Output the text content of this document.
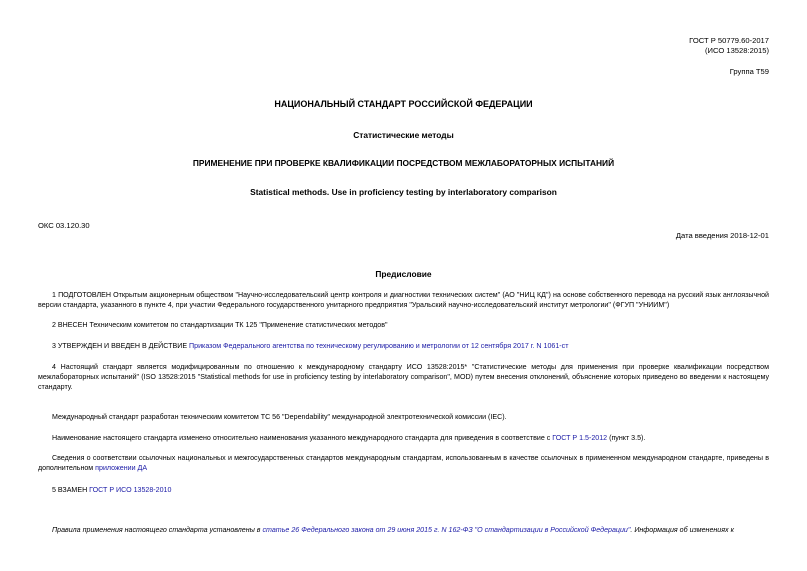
ГОСТ Р 50779.60-2017
(ИСО 13528:2015)
Группа Т59
НАЦИОНАЛЬНЫЙ СТАНДАРТ РОССИЙСКОЙ ФЕДЕРАЦИИ
Статистические методы
ПРИМЕНЕНИЕ ПРИ ПРОВЕРКЕ КВАЛИФИКАЦИИ ПОСРЕДСТВОМ МЕЖЛАБОРАТОРНЫХ ИСПЫТАНИЙ
Statistical methods. Use in proficiency testing by interlaboratory comparison
ОКС 03.120.30
Дата введения 2018-12-01
Предисловие
1 ПОДГОТОВЛЕН Открытым акционерным обществом "Научно-исследовательский центр контроля и диагностики технических систем" (АО "НИЦ КД") на основе собственного перевода на русский язык англоязычной версии стандарта, указанного в пункте 4, при участии Федерального государственного унитарного предприятия "Уральский научно-исследовательский институт метрологии" (ФГУП "УНИИМ")
2 ВНЕСЕН Техническим комитетом по стандартизации ТК 125 "Применение статистических методов"
3 УТВЕРЖДЕН И ВВЕДЕН В ДЕЙСТВИЕ Приказом Федерального агентства по техническому регулированию и метрологии от 12 сентября 2017 г. N 1061-ст
4 Настоящий стандарт является модифицированным по отношению к международному стандарту ИСО 13528:2015* "Статистические методы для применения при проверке квалификации посредством межлабораторных испытаний" (ISO 13528:2015 "Statistical methods for use in proficiency testing by interlaboratory comparison", MOD) путем внесения отклонений, объяснение которых приведено во введении к настоящему стандарту.
Международный стандарт разработан техническим комитетом ТС 56 "Dependability" международной электротехнической комиссии (IEC).
Наименование настоящего стандарта изменено относительно наименования указанного международного стандарта для приведения в соответствие с ГОСТ Р 1.5-2012 (пункт 3.5).
Сведения о соответствии ссылочных национальных и межгосударственных стандартов международным стандартам, использованным в качестве ссылочных в примененном международном стандарте, приведены в дополнительном приложении ДА
5 ВЗАМЕН ГОСТ Р ИСО 13528-2010
Правила применения настоящего стандарта установлены в статье 26 Федерального закона от 29 июня 2015 г. N 162-ФЗ "О стандартизации в Российской Федерации". Информация об изменениях к
